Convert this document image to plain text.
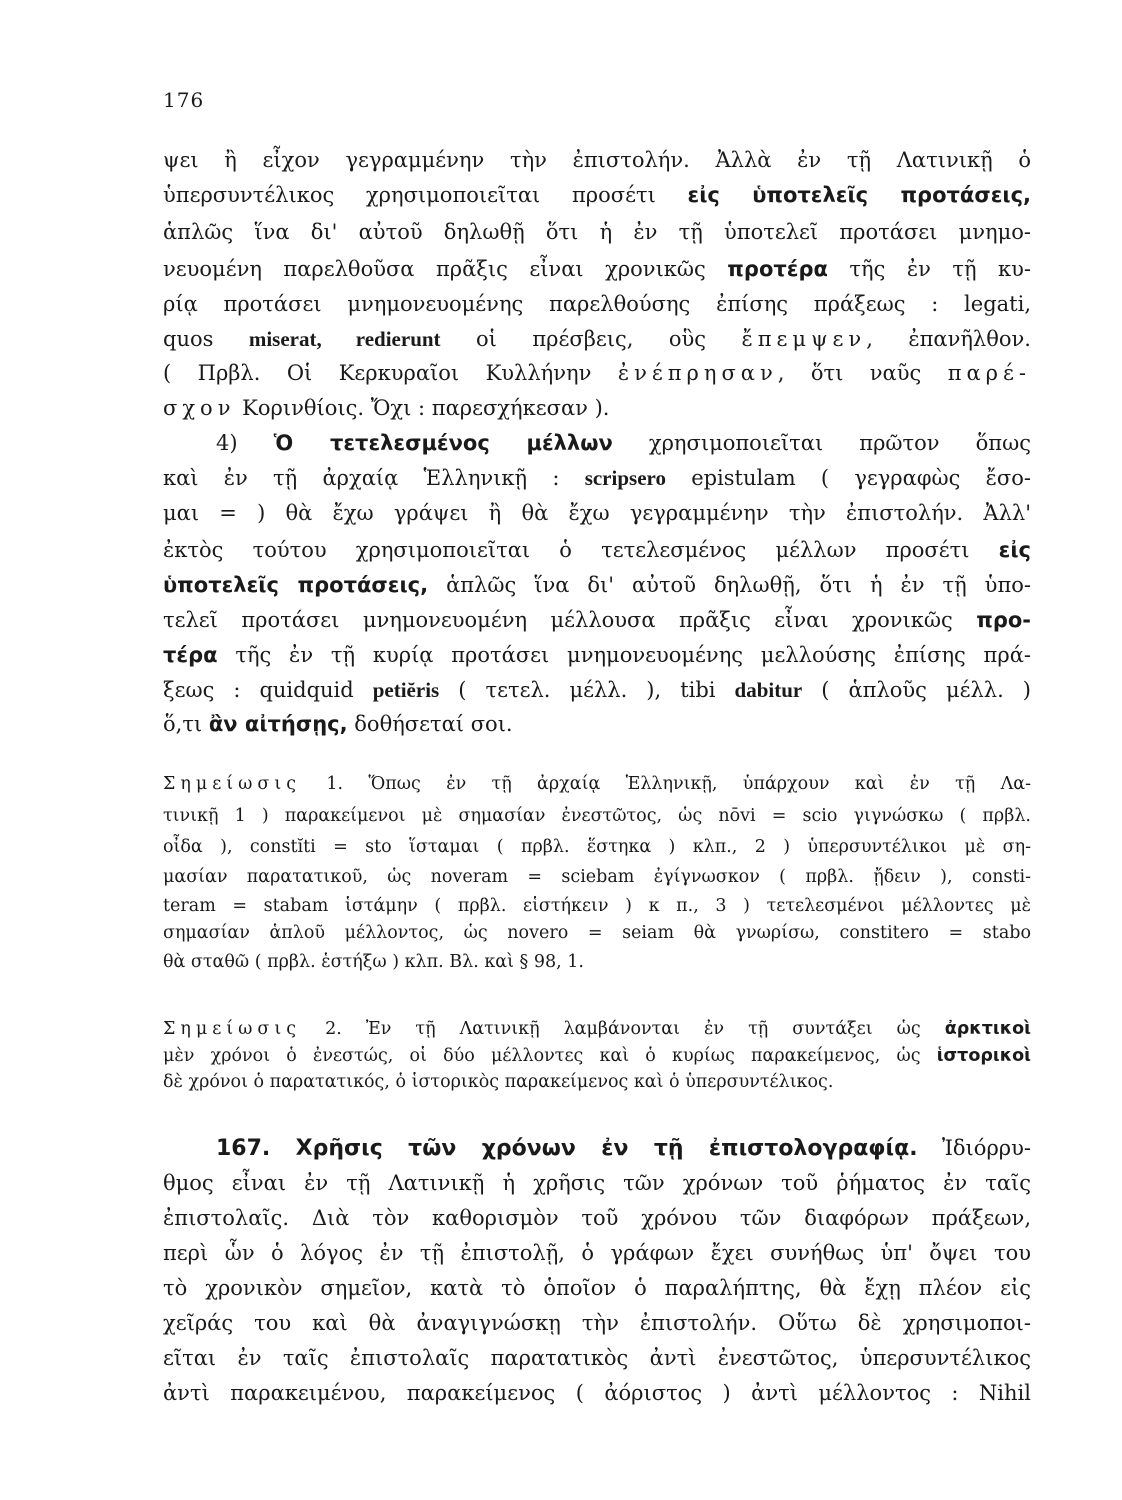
176
ψει ἢ εἶχον γεγραμμένην τὴν ἐπιστολήν. Ἀλλὰ ἐν τῇ Λατινικῇ ὁ
ὑπερσυντέλικος χρησιμοποιεῖται προσέτι εἰς ὑποτελεῖς προτάσεις,
ἁπλῶς ἵνα δι' αὐτοῦ δηλωθῇ ὅτι ἡ ἐν τῇ ὑποτελεῖ προτάσει μνημο-
νευομένη παρελθοῦσα πρᾶξις εἶναι χρονικῶς προτέρα τῆς ἐν τῇ κυ-
ρίᾳ προτάσει μνημονευομένης παρελθούσης ἐπίσης πράξεως : legati,
quos miserat, redierunt οἱ πρέσβεις, οὓς ἔπεμψεν, ἐπανῆλθον.
( Πρβλ. Οἱ Κερκυραῖοι Κυλλήνην ἐνέπρησαν, ὅτι ναῦς παρέ-
σχον Κορινθίοις. Ὄχι : παρεσχήκεσαν ).
4) Ὁ τετελεσμένος μέλλων χρησιμοποιεῖται πρῶτον ὅπως
καὶ ἐν τῇ ἀρχαίᾳ Ἑλληνικῇ : scripsero epistulam ( γεγραφὼς ἔσο-
μαι = ) θὰ ἔχω γράψει ἢ θὰ ἔχω γεγραμμένην τὴν ἐπιστολήν. Ἀλλ'
ἐκτὸς τούτου χρησιμοποιεῖται ὁ τετελεσμένος μέλλων προσέτι εἰς
ὑποτελεῖς προτάσεις, ἁπλῶς ἵνα δι' αὐτοῦ δηλωθῇ, ὅτι ἡ ἐν τῇ ὑπο-
τελεῖ προτάσει μνημονευομένη μέλλουσα πρᾶξις εἶναι χρονικῶς προ-
τέρα τῆς ἐν τῇ κυρίᾳ προτάσει μνημονευομένης μελλούσης ἐπίσης πρά-
ξεως : quidquid petiĕris ( τετελ. μέλλ. ), tibi dabitur ( ἁπλοῦς μέλλ. )
ὅ,τι ἂν αἰτήσῃς, δοθήσεταί σοι.
Σημείωσις 1. Ὅπως ἐν τῇ ἀρχαίᾳ Ἑλληνικῇ, ὑπάρχουν καὶ ἐν τῇ Λα-
τινικῇ 1 ) παρακείμενοι μὲ σημασίαν ἐνεστῶτος, ὡς nōvi = scio γιγνώσκω ( πρβλ.
οἶδα ), constĭti = sto ἵσταμαι ( πρβλ. ἕστηκα ) κλπ., 2 ) ὑπερσυντέλικοι μὲ ση-
μασίαν παρατατικοῦ, ὡς noveram = sciebam ἐγίγνωσκον ( πρβλ. ᾔδειν ), consti-
teram = stabam ἱστάμην ( πρβλ. εἱστήκειν ) κ π., 3 ) τετελεσμένοι μέλλοντες μὲ
σημασίαν ἁπλοῦ μέλλοντος, ὡς novero = seiam θὰ γνωρίσω, constitero = stabo
θὰ σταθῶ ( πρβλ. ἑστήξω ) κλπ. Βλ. καὶ § 98, 1.
Σημείωσις 2. Ἐν τῇ Λατινικῇ λαμβάνονται ἐν τῇ συντάξει ὡς ἀρκτικοὶ
μὲν χρόνοι ὁ ἐνεστώς, οἱ δύο μέλλοντες καὶ ὁ κυρίως παρακείμενος, ὡς ἱστορικοὶ
δὲ χρόνοι ὁ παρατατικός, ὁ ἱστορικὸς παρακείμενος καὶ ὁ ὑπερσυντέλικος.
167. Χρῆσις τῶν χρόνων ἐν τῇ ἐπιστολογραφίᾳ. Ἰδιόρρυ-
θμος εἶναι ἐν τῇ Λατινικῇ ἡ χρῆσις τῶν χρόνων τοῦ ῥήματος ἐν ταῖς
ἐπιστολαῖς. Διὰ τὸν καθορισμὸν τοῦ χρόνου τῶν διαφόρων πράξεων,
περὶ ὧν ὁ λόγος ἐν τῇ ἐπιστολῇ, ὁ γράφων ἔχει συνήθως ὑπ' ὄψει του
τὸ χρονικὸν σημεῖον, κατὰ τὸ ὁποῖον ὁ παραλήπτης, θὰ ἔχῃ πλέον εἰς
χεῖράς του καὶ θὰ ἀναγιγνώσκῃ τὴν ἐπιστολήν. Οὕτω δὲ χρησιμοποι-
εῖται ἐν ταῖς ἐπιστολαῖς παρατατικὸς ἀντὶ ἐνεστῶτος, ὑπερσυντέλικος
ἀντὶ παρακειμένου, παρακείμενος ( ἀόριστος ) ἀντὶ μέλλοντος : Nihil
